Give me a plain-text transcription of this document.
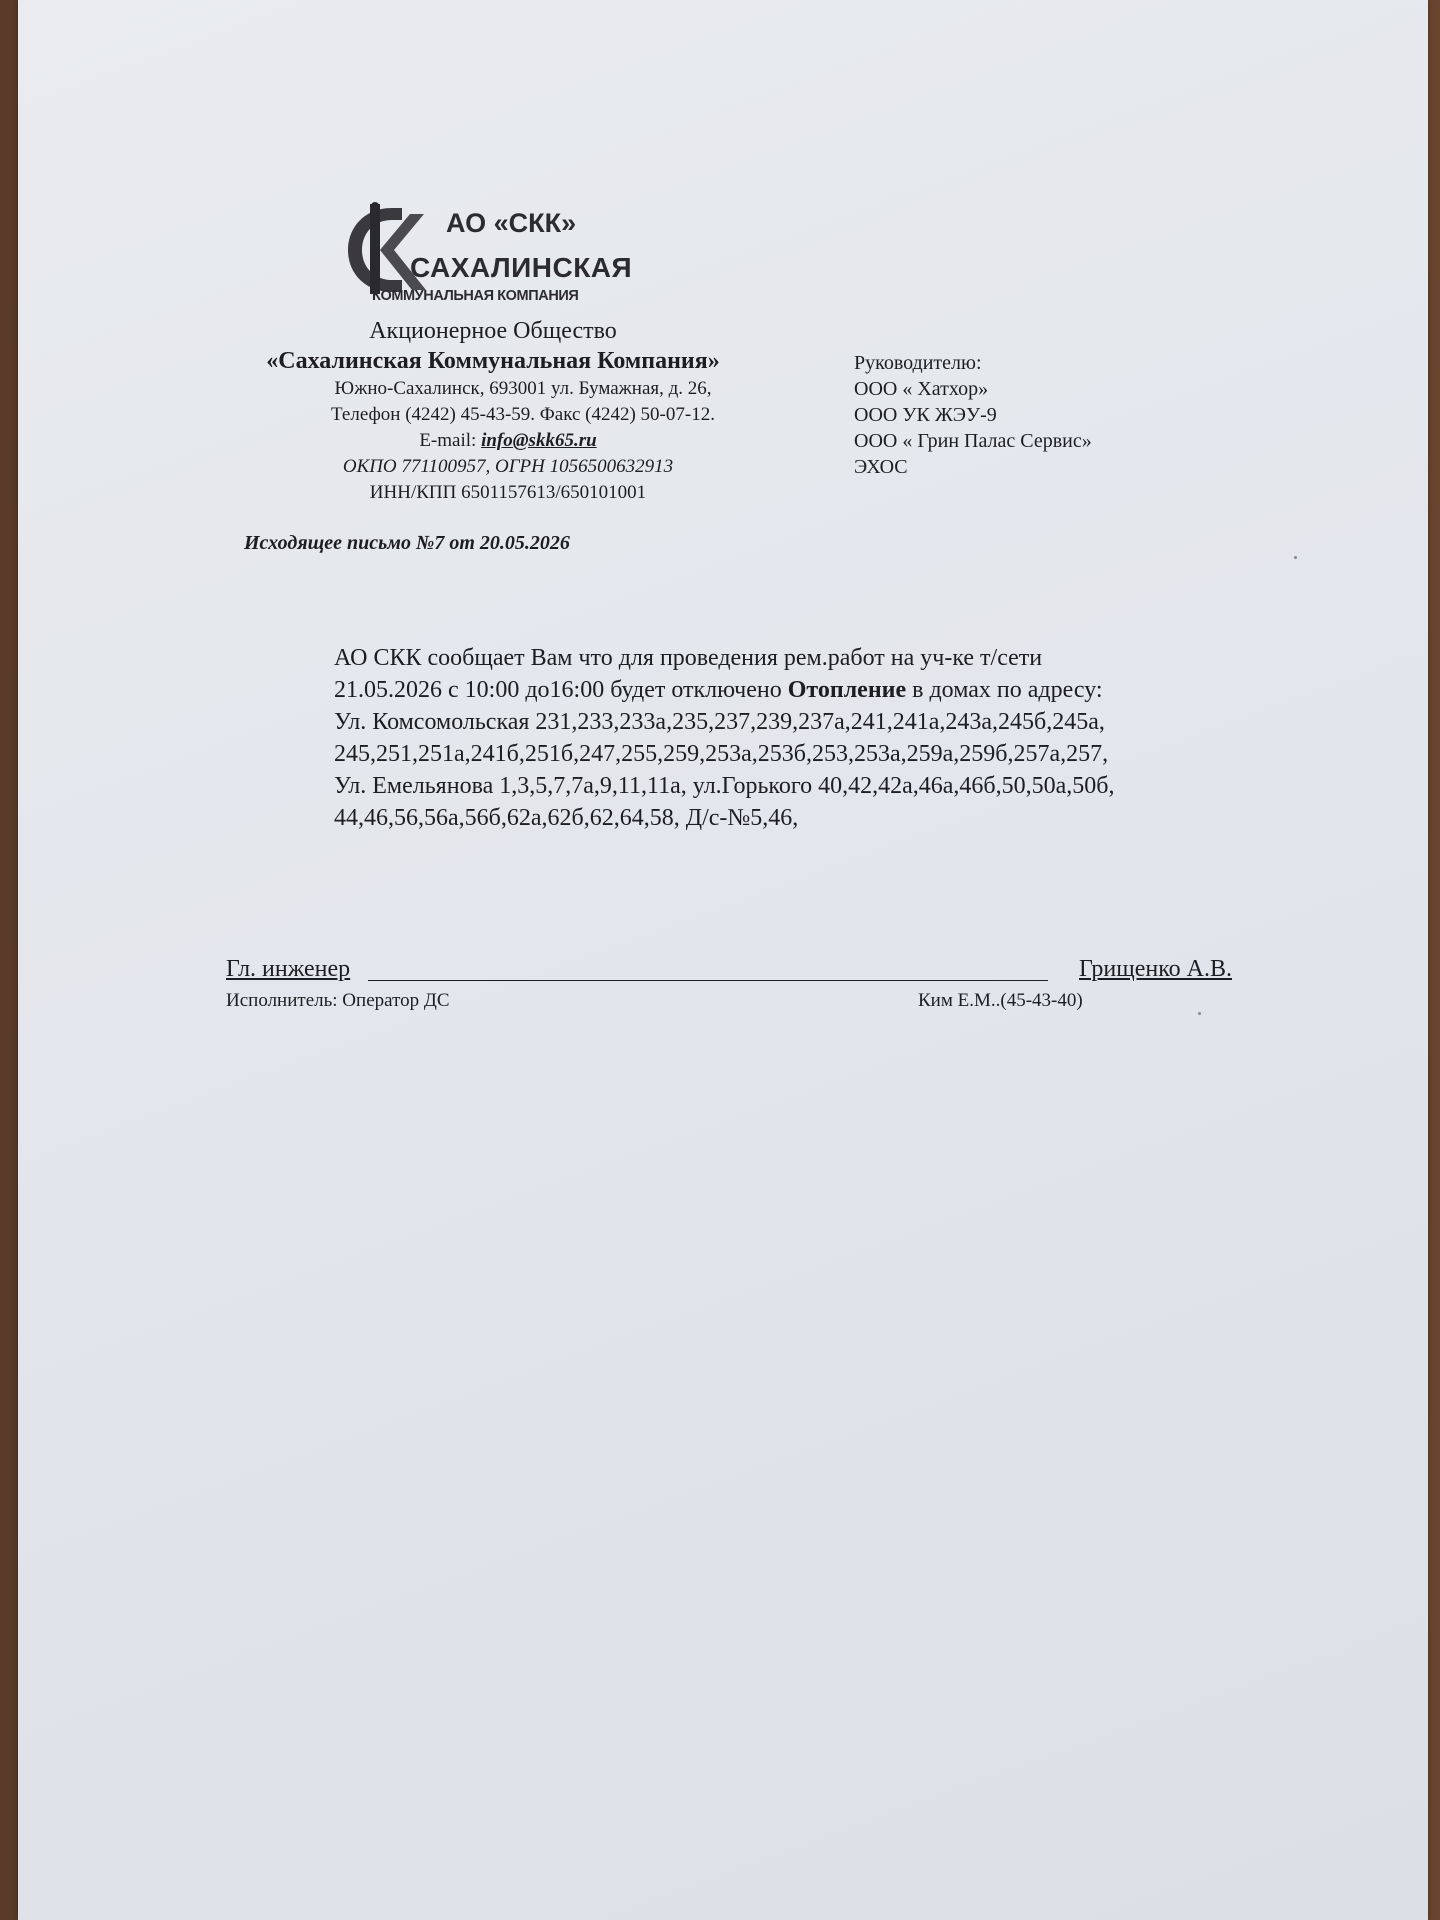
АО «СКК»
САХАЛИНСКАЯ
КОММУНАЛЬНАЯ КОМПАНИЯ
Акционерное Общество
«Сахалинская Коммунальная Компания»
Южно-Сахалинск, 693001 ул. Бумажная, д. 26,
Телефон (4242) 45-43-59. Факс (4242) 50-07-12.
E-mail: info@skk65.ru
ОКПО 771100957, ОГРН 1056500632913
ИНН/КПП 6501157613/650101001
Исходящее письмо №7 от 20.05.2026
Руководителю:
ООО « Хатхор»
ООО УК ЖЭУ-9
ООО « Грин Палас Сервис»
ЭХОС
АО СКК сообщает Вам что для проведения рем.работ на уч-ке т/сети
21.05.2026 с 10:00 до16:00 будет отключено Отопление в домах по адресу:
Ул. Комсомольская 231,233,233а,235,237,239,237а,241,241а,243а,245б,245а,
245,251,251а,241б,251б,247,255,259,253а,253б,253,253а,259а,259б,257а,257,
Ул. Емельянова 1,3,5,7,7а,9,11,11а, ул.Горького 40,42,42а,46а,46б,50,50а,50б,
44,46,56,56а,56б,62а,62б,62,64,58, Д/с-№5,46,
Гл. инженер	Грищенко А.В.
Исполнитель: Оператор ДС	Ким Е.М..(45-43-40)
